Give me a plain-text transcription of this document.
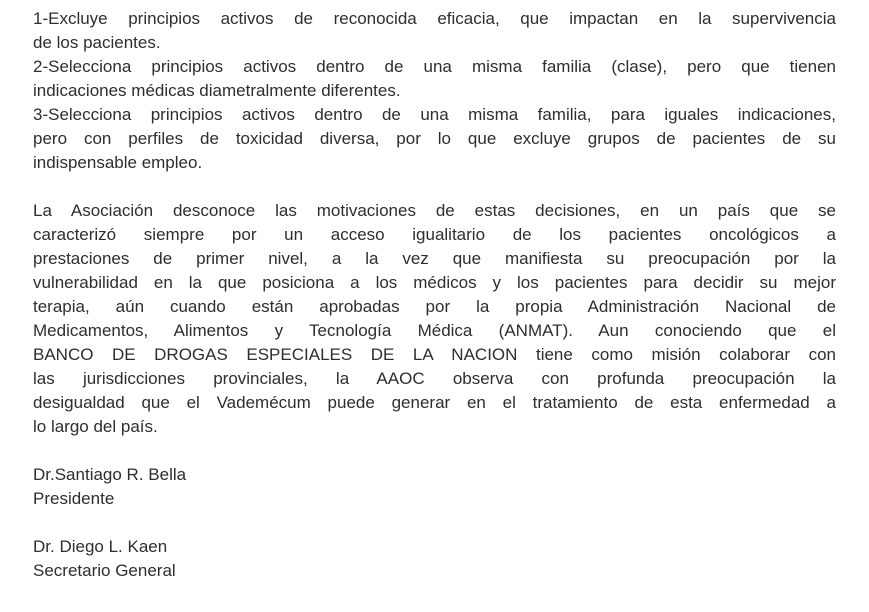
1-Excluye principios activos de reconocida eficacia, que impactan en la supervivencia
de los pacientes.
2-Selecciona principios activos dentro de una misma familia (clase), pero que tienen
indicaciones médicas diametralmente diferentes.
3-Selecciona principios activos dentro de una misma familia, para iguales indicaciones,
pero con perfiles de toxicidad diversa, por lo que excluye grupos de pacientes de su
indispensable empleo.
La Asociación desconoce las motivaciones de estas decisiones, en un país que se
caracterizó siempre por un acceso igualitario de los pacientes oncológicos a
prestaciones de primer nivel, a la vez que manifiesta su preocupación por la
vulnerabilidad en la que posiciona a los médicos y los pacientes para decidir su mejor
terapia, aún cuando están aprobadas por la propia Administración Nacional de
Medicamentos, Alimentos y Tecnología Médica (ANMAT). Aun conociendo que el
BANCO DE DROGAS ESPECIALES DE LA NACION tiene como misión colaborar con
las jurisdicciones provinciales, la AAOC observa con profunda preocupación la
desigualdad que el Vademécum puede generar en el tratamiento de esta enfermedad a
lo largo del país.
Dr.Santiago R. Bella
Presidente
Dr. Diego L. Kaen
Secretario General
